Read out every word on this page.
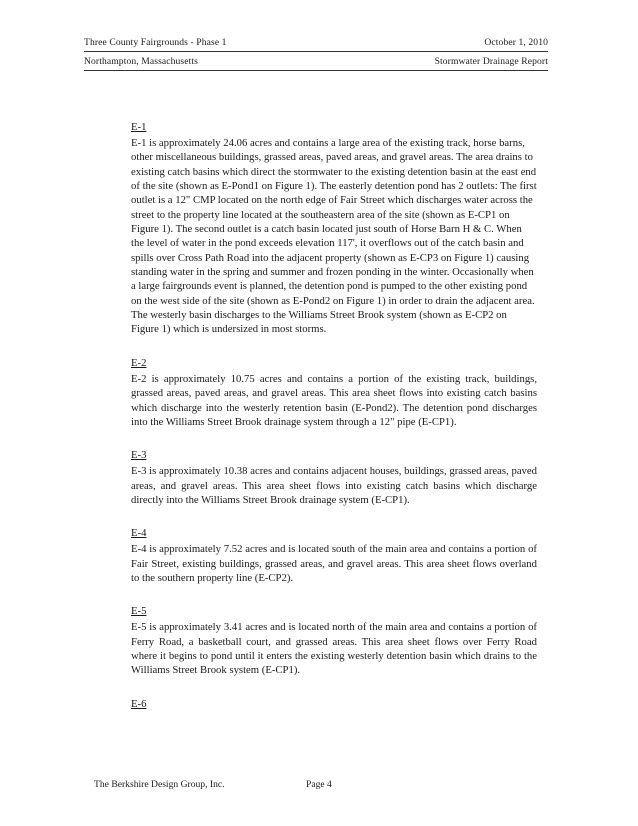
Three County Fairgrounds - Phase 1	October 1, 2010
Northampton, Massachusetts	Stormwater Drainage Report
E-1

E-1 is approximately 24.06 acres and contains a large area of the existing track, horse barns, other miscellaneous buildings, grassed areas, paved areas, and gravel areas. The area drains to existing catch basins which direct the stormwater to the existing detention basin at the east end of the site (shown as E-Pond1 on Figure 1). The easterly detention pond has 2 outlets: The first outlet is a 12" CMP located on the north edge of Fair Street which discharges water across the street to the property line located at the southeastern area of the site (shown as E-CP1 on Figure 1). The second outlet is a catch basin located just south of Horse Barn H & C. When the level of water in the pond exceeds elevation 117', it overflows out of the catch basin and spills over Cross Path Road into the adjacent property (shown as E-CP3 on Figure 1) causing standing water in the spring and summer and frozen ponding in the winter. Occasionally when a large fairgrounds event is planned, the detention pond is pumped to the other existing pond on the west side of the site (shown as E-Pond2 on Figure 1) in order to drain the adjacent area. The westerly basin discharges to the Williams Street Brook system (shown as E-CP2 on Figure 1) which is undersized in most storms.

E-2

E-2 is approximately 10.75 acres and contains a portion of the existing track, buildings, grassed areas, paved areas, and gravel areas. This area sheet flows into existing catch basins which discharge into the westerly retention basin (E-Pond2). The detention pond discharges into the Williams Street Brook drainage system through a 12" pipe (E-CP1).

E-3

E-3 is approximately 10.38 acres and contains adjacent houses, buildings, grassed areas, paved areas, and gravel areas. This area sheet flows into existing catch basins which discharge directly into the Williams Street Brook drainage system (E-CP1).

E-4

E-4 is approximately 7.52 acres and is located south of the main area and contains a portion of Fair Street, existing buildings, grassed areas, and gravel areas. This area sheet flows overland to the southern property line (E-CP2).

E-5

E-5 is approximately 3.41 acres and is located north of the main area and contains a portion of Ferry Road, a basketball court, and grassed areas. This area sheet flows over Ferry Road where it begins to pond until it enters the existing westerly detention basin which drains to the Williams Street Brook system (E-CP1).

E-6
The Berkshire Design Group, Inc.	Page 4
